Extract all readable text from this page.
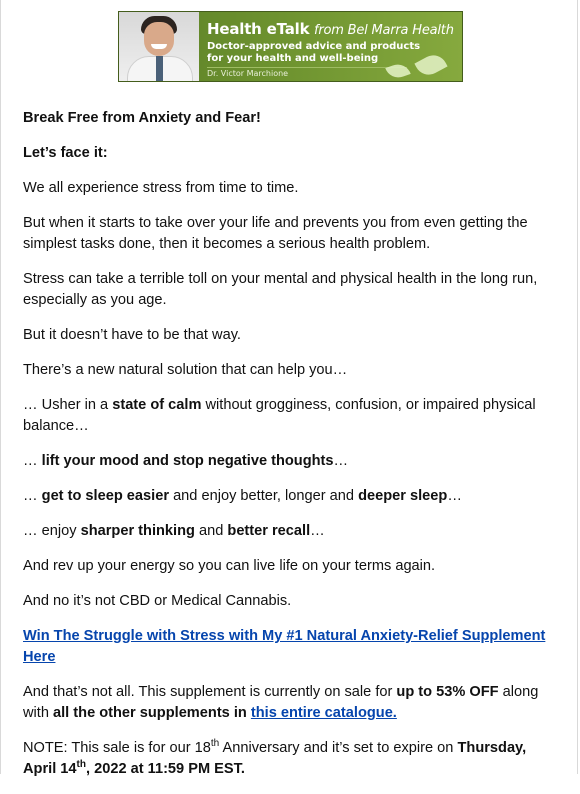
Health eTalk from Bel Marra Health
Doctor-approved advice and products for your health and well-being
Dr. Victor Marchione

Break Free from Anxiety and Fear!

Let’s face it:

We all experience stress from time to time.

But when it starts to take over your life and prevents you from even getting the simplest tasks done, then it becomes a serious health problem.

Stress can take a terrible toll on your mental and physical health in the long run, especially as you age.

But it doesn’t have to be that way.

There’s a new natural solution that can help you…

… Usher in a state of calm without grogginess, confusion, or impaired physical balance…

… lift your mood and stop negative thoughts…

… get to sleep easier and enjoy better, longer and deeper sleep…

… enjoy sharper thinking and better recall…

And rev up your energy so you can live life on your terms again.

And no it’s not CBD or Medical Cannabis.

Win The Struggle with Stress with My #1 Natural Anxiety-Relief Supplement Here

And that’s not all. This supplement is currently on sale for up to 53% OFF along with all the other supplements in this entire catalogue.

NOTE: This sale is for our 18th Anniversary and it’s set to expire on Thursday, April 14th, 2022 at 11:59 PM EST.
